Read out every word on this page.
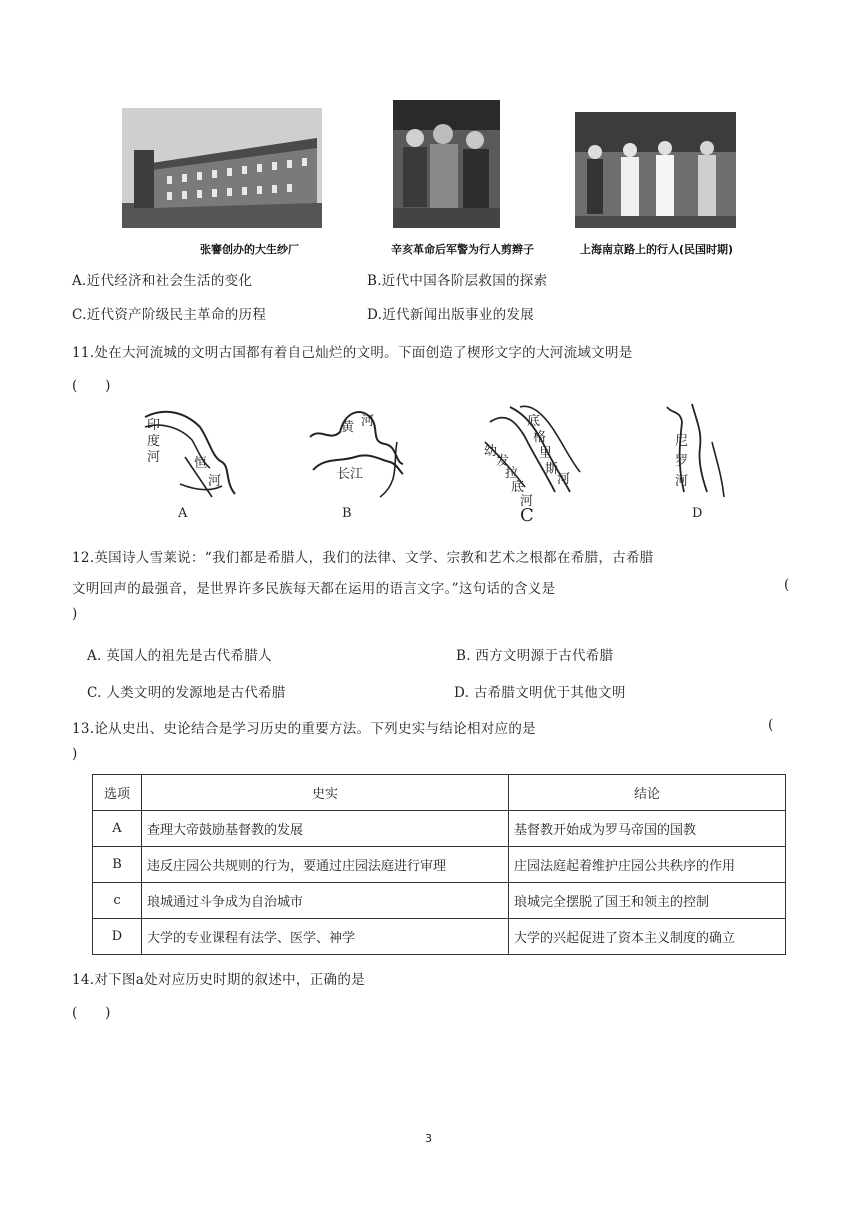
张謇创办的大生纱厂	辛亥革命后军警为行人剪辫子	上海南京路上的行人(民国时期)
A.近代经济和社会生活的变化	B.近代中国各阶层救国的探索
C.近代资产阶级民主革命的历程	D.近代新闻出版事业的发展
11.处在大河流城的文明古国都有着自己灿烂的文明。下面创造了楔形文字的大河流域文明是
(　　)
印
度
河	恒
河
A
黄 河
长江
B
底
格
里
斯
河
幼
发
拉
底
河
C
尼
罗
河
D
12.英国诗人雪莱说：“我们都是希腊人，我们的法律、文学、宗教和艺术之根都在希腊，古希腊
文明回声的最强音，是世界许多民族每天都在运用的语言文字。”这句话的含义是	(
)
A. 英国人的祖先是古代希腊人	B. 西方文明源于古代希腊
C. 人类文明的发源地是古代希腊	D. 古希腊文明优于其他文明
13.论从史出、史论结合是学习历史的重要方法。下列史实与结论相对应的是	(
)
选项	史实	结论
A	查理大帝鼓励基督教的发展	基督教开始成为罗马帝国的国教
B	违反庄园公共规则的行为，要通过庄园法庭进行审理	庄园法庭起着维护庄园公共秩序的作用
c	琅城通过斗争成为自治城市	琅城完全摆脱了国王和领主的控制
D	大学的专业课程有法学、医学、神学	大学的兴起促进了资本主义制度的确立
14.对下图a处对应历史时期的叙述中，正确的是
(　　)
3
